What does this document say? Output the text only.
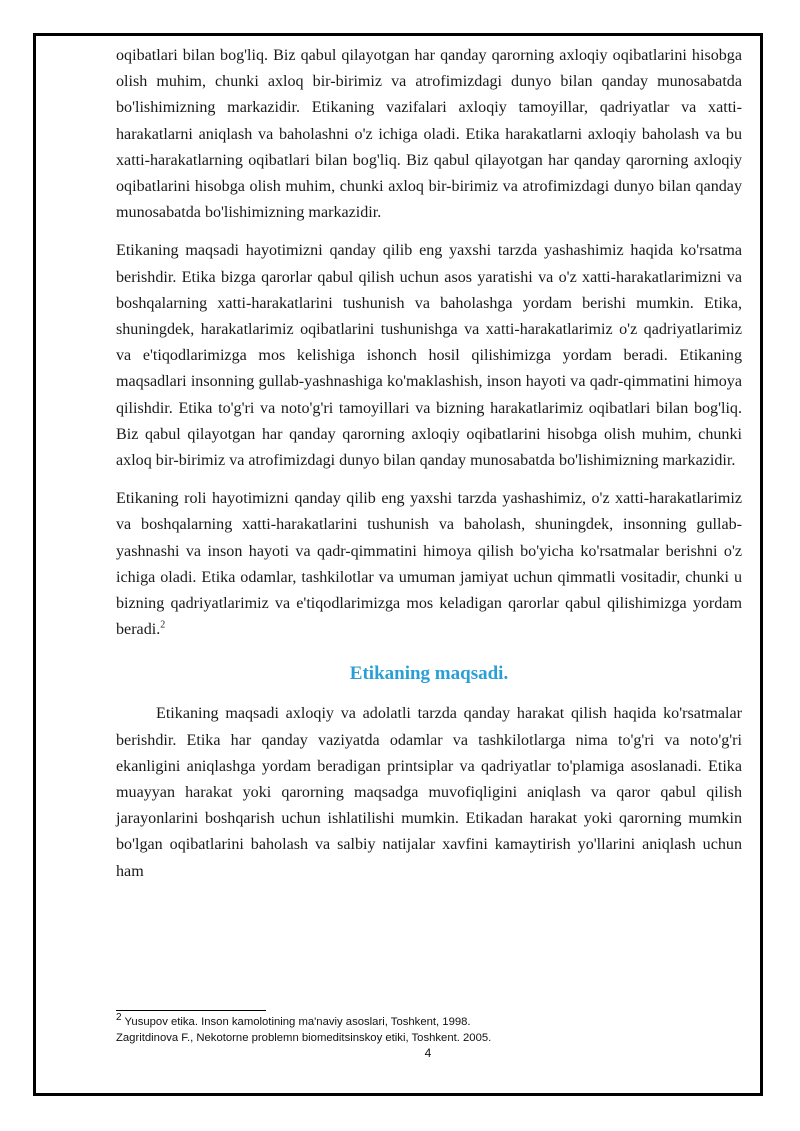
oqibatlari bilan bog'liq. Biz qabul qilayotgan har qanday qarorning axloqiy oqibatlarini hisobga olish muhim, chunki axloq bir-birimiz va atrofimizdagi dunyo bilan qanday munosabatda bo'lishimizning markazidir. Etikaning vazifalari axloqiy tamoyillar, qadriyatlar va xatti-harakatlarni aniqlash va baholashni o'z ichiga oladi. Etika harakatlarni axloqiy baholash va bu xatti-harakatlarning oqibatlari bilan bog'liq. Biz qabul qilayotgan har qanday qarorning axloqiy oqibatlarini hisobga olish muhim, chunki axloq bir-birimiz va atrofimizdagi dunyo bilan qanday munosabatda bo'lishimizning markazidir.

Etikaning maqsadi hayotimizni qanday qilib eng yaxshi tarzda yashashimiz haqida ko'rsatma berishdir. Etika bizga qarorlar qabul qilish uchun asos yaratishi va o'z xatti-harakatlarimizni va boshqalarning xatti-harakatlarini tushunish va baholashga yordam berishi mumkin. Etika, shuningdek, harakatlarimiz oqibatlarini tushunishga va xatti-harakatlarimiz o'z qadriyatlarimiz va e'tiqodlarimizga mos kelishiga ishonch hosil qilishimizga yordam beradi. Etikaning maqsadlari insonning gullab-yashnashiga ko'maklashish, inson hayoti va qadr-qimmatini himoya qilishdir. Etika to'g'ri va noto'g'ri tamoyillari va bizning harakatlarimiz oqibatlari bilan bog'liq. Biz qabul qilayotgan har qanday qarorning axloqiy oqibatlarini hisobga olish muhim, chunki axloq bir-birimiz va atrofimizdagi dunyo bilan qanday munosabatda bo'lishimizning markazidir.

Etikaning roli hayotimizni qanday qilib eng yaxshi tarzda yashashimiz, o'z xatti-harakatlarimiz va boshqalarning xatti-harakatlarini tushunish va baholash, shuningdek, insonning gullab-yashnashi va inson hayoti va qadr-qimmatini himoya qilish bo'yicha ko'rsatmalar berishni o'z ichiga oladi. Etika odamlar, tashkilotlar va umuman jamiyat uchun qimmatli vositadir, chunki u bizning qadriyatlarimiz va e'tiqodlarimizga mos keladigan qarorlar qabul qilishimizga yordam beradi.$^2$

Etikaning maqsadi.

Etikaning maqsadi axloqiy va adolatli tarzda qanday harakat qilish haqida ko'rsatmalar berishdir. Etika har qanday vaziyatda odamlar va tashkilotlarga nima to'g'ri va noto'g'ri ekanligini aniqlashga yordam beradigan printsiplar va qadriyatlar to'plamiga asoslanadi. Etika muayyan harakat yoki qarorning maqsadga muvofiqligini aniqlash va qaror qabul qilish jarayonlarini boshqarish uchun ishlatilishi mumkin. Etikadan harakat yoki qarorning mumkin bo'lgan oqibatlarini baholash va salbiy natijalar xavfini kamaytirish yo'llarini aniqlash uchun ham

$^2$ Yusupov etika. Inson kamolotining ma'naviy asoslari, Toshkent, 1998.
Zagritdinova F., Nekotorne problemn biomeditsinskoy etiki, Toshkent. 2005.
4
